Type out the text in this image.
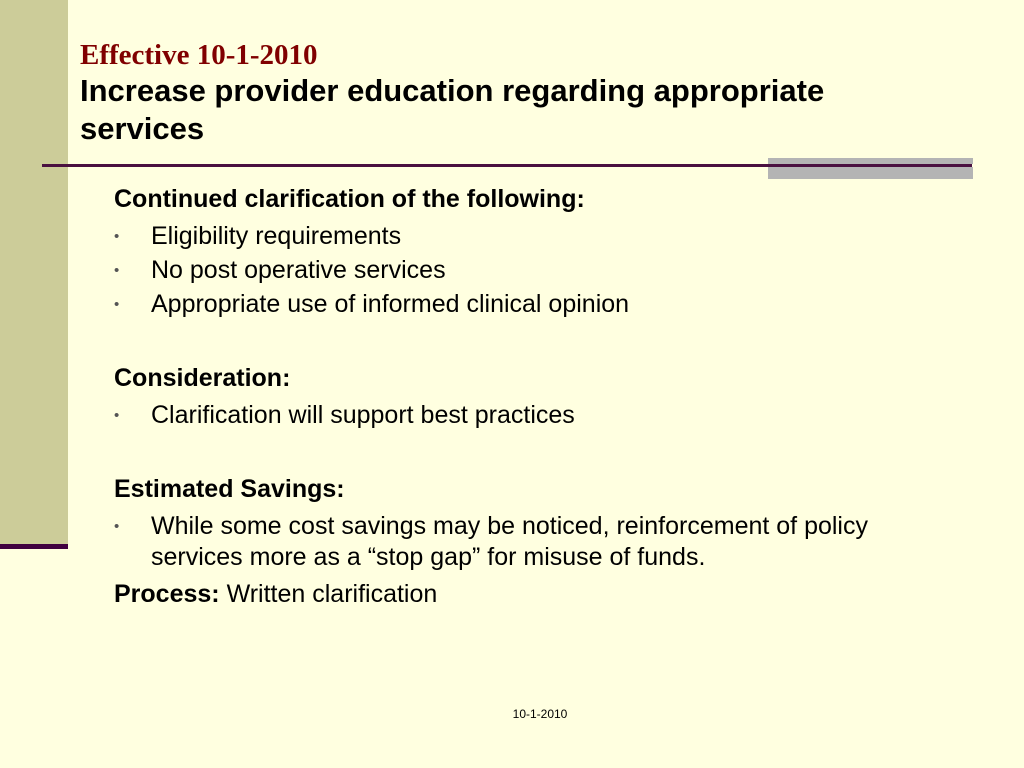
Effective 10-1-2010
Increase provider education regarding appropriate
services
Continued clarification of the following:
• Eligibility requirements
• No post operative services
• Appropriate use of informed clinical opinion
Consideration:
• Clarification will support best practices
Estimated Savings:
• While some cost savings may be noticed, reinforcement of policy services more as a “stop gap” for misuse of funds.
Process: Written clarification
10-1-2010
